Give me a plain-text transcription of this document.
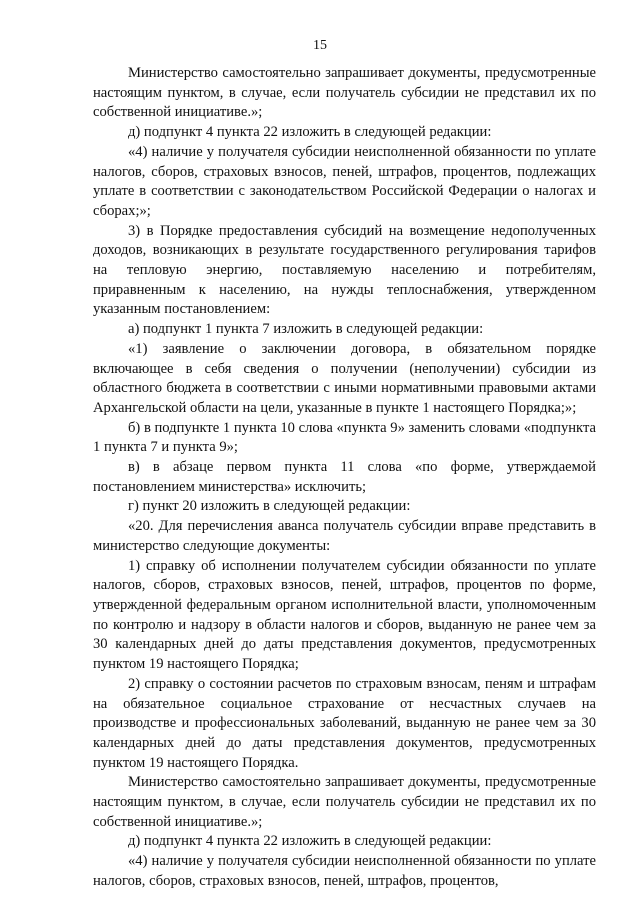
15

Министерство самостоятельно запрашивает документы, предусмотренные настоящим пунктом, в случае, если получатель субсидии не представил их по собственной инициативе.»;

д) подпункт 4 пункта 22 изложить в следующей редакции:

«4) наличие у получателя субсидии неисполненной обязанности по уплате налогов, сборов, страховых взносов, пеней, штрафов, процентов, подлежащих уплате в соответствии с законодательством Российской Федерации о налогах и сборах;»;

3) в Порядке предоставления субсидий на возмещение недополученных доходов, возникающих в результате государственного регулирования тарифов на тепловую энергию, поставляемую населению и потребителям, приравненным к населению, на нужды теплоснабжения, утвержденном указанным постановлением:

а) подпункт 1 пункта 7 изложить в следующей редакции:

«1) заявление о заключении договора, в обязательном порядке включающее в себя сведения о получении (неполучении) субсидии из областного бюджета в соответствии с иными нормативными правовыми актами Архангельской области на цели, указанные в пункте 1 настоящего Порядка;»;

б) в подпункте 1 пункта 10 слова «пункта 9» заменить словами «подпункта 1 пункта 7 и пункта 9»;

в) в абзаце первом пункта 11 слова «по форме, утверждаемой постановлением министерства» исключить;

г) пункт 20 изложить в следующей редакции:

«20. Для перечисления аванса получатель субсидии вправе представить в министерство следующие документы:

1) справку об исполнении получателем субсидии обязанности по уплате налогов, сборов, страховых взносов, пеней, штрафов, процентов по форме, утвержденной федеральным органом исполнительной власти, уполномоченным по контролю и надзору в области налогов и сборов, выданную не ранее чем за 30 календарных дней до даты представления документов, предусмотренных пунктом 19 настоящего Порядка;

2) справку о состоянии расчетов по страховым взносам, пеням и штрафам на обязательное социальное страхование от несчастных случаев на производстве и профессиональных заболеваний, выданную не ранее чем за 30 календарных дней до даты представления документов, предусмотренных пунктом 19 настоящего Порядка.

Министерство самостоятельно запрашивает документы, предусмотренные настоящим пунктом, в случае, если получатель субсидии не представил их по собственной инициативе.»;

д) подпункт 4 пункта 22 изложить в следующей редакции:

«4) наличие у получателя субсидии неисполненной обязанности по уплате налогов, сборов, страховых взносов, пеней, штрафов, процентов,
